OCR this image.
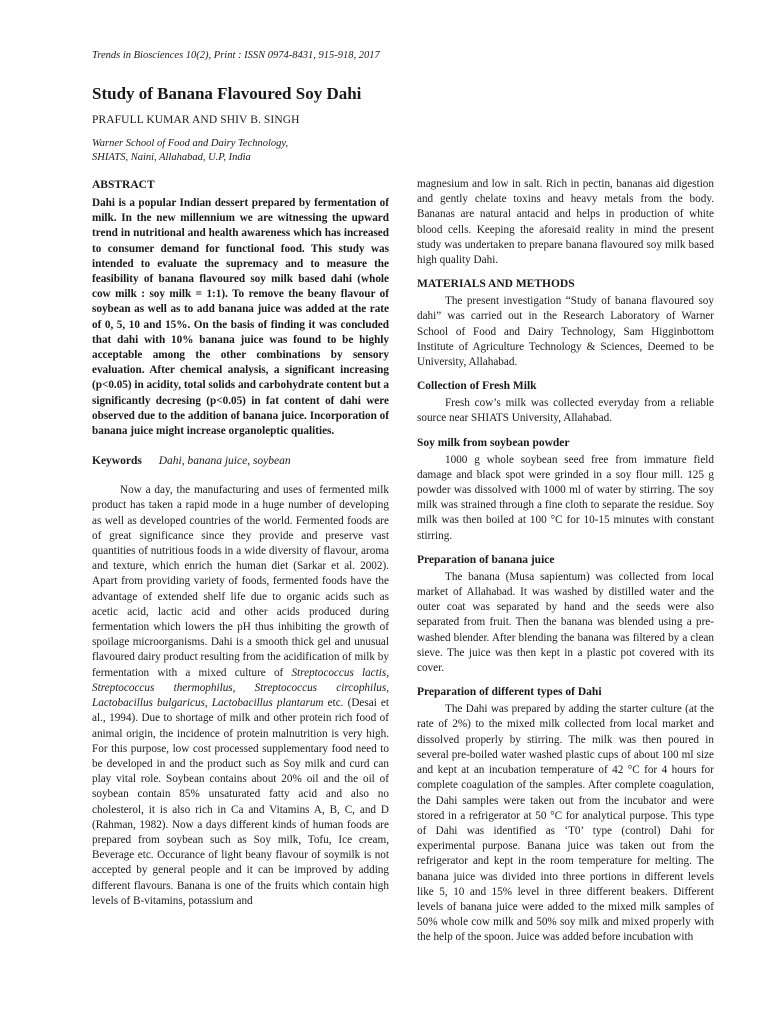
Trends in Biosciences 10(2), Print : ISSN 0974-8431, 915-918, 2017
Study of Banana Flavoured Soy Dahi
PRAFULL KUMAR AND SHIV B. SINGH
Warner School of Food and Dairy Technology,
SHIATS, Naini, Allahabad, U.P, India
ABSTRACT

Dahi is a popular Indian dessert prepared by fermentation of milk. In the new millennium we are witnessing the upward trend in nutritional and health awareness which has increased to consumer demand for functional food. This study was intended to evaluate the supremacy and to measure the feasibility of banana flavoured soy milk based dahi (whole cow milk : soy milk = 1:1). To remove the beany flavour of soybean as well as to add banana juice was added at the rate of 0, 5, 10 and 15%. On the basis of finding it was concluded that dahi with 10% banana juice was found to be highly acceptable among the other combinations by sensory evaluation. After chemical analysis, a significant increasing (p<0.05) in acidity, total solids and carbohydrate content but a significantly decresing (p<0.05) in fat content of dahi were observed due to the addition of banana juice. Incorporation of banana juice might increase organoleptic qualities.

Keywords Dahi, banana juice, soybean

Now a day, the manufacturing and uses of fermented milk product has taken a rapid mode in a huge number of developing as well as developed countries of the world. Fermented foods are of great significance since they provide and preserve vast quantities of nutritious foods in a wide diversity of flavour, aroma and texture, which enrich the human diet (Sarkar et al. 2002). Apart from providing variety of foods, fermented foods have the advantage of extended shelf life due to organic acids such as acetic acid, lactic acid and other acids produced during fermentation which lowers the pH thus inhibiting the growth of spoilage microorganisms. Dahi is a smooth thick gel and unusual flavoured dairy product resulting from the acidification of milk by fermentation with a mixed culture of Streptococcus lactis, Streptococcus thermophilus, Streptococcus circophilus, Lactobacillus bulgaricus, Lactobacillus plantarum etc. (Desai et al., 1994). Due to shortage of milk and other protein rich food of animal origin, the incidence of protein malnutrition is very high. For this purpose, low cost processed supplementary food need to be developed in and the product such as Soy milk and curd can play vital role. Soybean contains about 20% oil and the oil of soybean contain 85% unsaturated fatty acid and also no cholesterol, it is also rich in Ca and Vitamins A, B, C, and D (Rahman, 1982). Now a days different kinds of human foods are prepared from soybean such as Soy milk, Tofu, Ice cream, Beverage etc. Occurance of light beany flavour of soymilk is not accepted by general people and it can be improved by adding different flavours. Banana is one of the fruits which contain high levels of B-vitamins, potassium and

magnesium and low in salt. Rich in pectin, bananas aid digestion and gently chelate toxins and heavy metals from the body. Bananas are natural antacid and helps in production of white blood cells. Keeping the aforesaid reality in mind the present study was undertaken to prepare banana flavoured soy milk based high quality Dahi.

MATERIALS AND METHODS

The present investigation “Study of banana flavoured soy dahi” was carried out in the Research Laboratory of Warner School of Food and Dairy Technology, Sam Higginbottom Institute of Agriculture Technology & Sciences, Deemed to be University, Allahabad.

Collection of Fresh Milk

Fresh cow’s milk was collected everyday from a reliable source near SHIATS University, Allahabad.

Soy milk from soybean powder

1000 g whole soybean seed free from immature field damage and black spot were grinded in a soy flour mill. 125 g powder was dissolved with 1000 ml of water by stirring. The soy milk was strained through a fine cloth to separate the residue. Soy milk was then boiled at 100 °C for 10-15 minutes with constant stirring.

Preparation of banana juice

The banana (Musa sapientum) was collected from local market of Allahabad. It was washed by distilled water and the outer coat was separated by hand and the seeds were also separated from fruit. Then the banana was blended using a pre-washed blender. After blending the banana was filtered by a clean sieve. The juice was then kept in a plastic pot covered with its cover.

Preparation of different types of Dahi

The Dahi was prepared by adding the starter culture (at the rate of 2%) to the mixed milk collected from local market and dissolved properly by stirring. The milk was then poured in several pre-boiled water washed plastic cups of about 100 ml size and kept at an incubation temperature of 42 °C for 4 hours for complete coagulation of the samples. After complete coagulation, the Dahi samples were taken out from the incubator and were stored in a refrigerator at 50 °C for analytical purpose. This type of Dahi was identified as ‘T0’ type (control) Dahi for experimental purpose. Banana juice was taken out from the refrigerator and kept in the room temperature for melting. The banana juice was divided into three portions in different levels like 5, 10 and 15% level in three different beakers. Different levels of banana juice were added to the mixed milk samples of 50% whole cow milk and 50% soy milk and mixed properly with the help of the spoon. Juice was added before incubation with
